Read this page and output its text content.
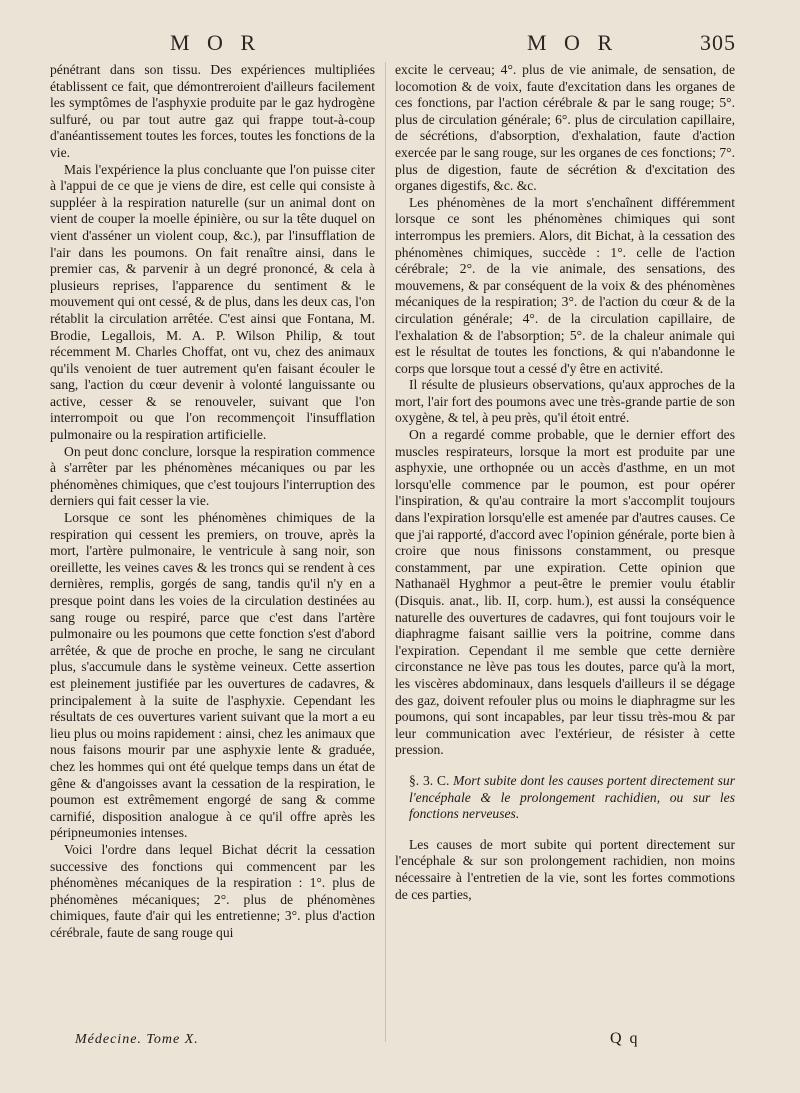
M O R	M O R	305

pénétrant dans son tissu. Des expériences multipliées établissent ce fait, que démontreroient d'ailleurs facilement les symptômes de l'asphyxie produite par le gaz hydrogène sulfuré, ou par tout autre gaz qui frappe tout-à-coup d'anéantissement toutes les forces, toutes les fonctions de la vie.

Mais l'expérience la plus concluante que l'on puisse citer à l'appui de ce que je viens de dire, est celle qui consiste à suppléer à la respiration naturelle (sur un animal dont on vient de couper la moelle épinière, ou sur la tête duquel on vient d'asséner un violent coup, &c.), par l'insufflation de l'air dans les poumons. On fait renaître ainsi, dans le premier cas, & parvenir à un degré prononcé, & cela à plusieurs reprises, l'apparence du sentiment & le mouvement qui ont cessé, & de plus, dans les deux cas, l'on rétablit la circulation arrêtée. C'est ainsi que Fontana, M. Brodie, Legallois, M. A. P. Wilson Philip, & tout récemment M. Charles Choffat, ont vu, chez des animaux qu'ils venoient de tuer autrement qu'en faisant écouler le sang, l'action du cœur devenir à volonté languissante ou active, cesser & se renouveler, suivant que l'on interrompoit ou que l'on recommençoit l'insufflation pulmonaire ou la respiration artificielle.

On peut donc conclure, lorsque la respiration commence à s'arrêter par les phénomènes mécaniques ou par les phénomènes chimiques, que c'est toujours l'interruption des derniers qui fait cesser la vie.

Lorsque ce sont les phénomènes chimiques de la respiration qui cessent les premiers, on trouve, après la mort, l'artère pulmonaire, le ventricule à sang noir, son oreillette, les veines caves & les troncs qui se rendent à ces dernières, remplis, gorgés de sang, tandis qu'il n'y en a presque point dans les voies de la circulation destinées au sang rouge ou respiré, parce que c'est dans l'artère pulmonaire ou les poumons que cette fonction s'est d'abord arrêtée, & que de proche en proche, le sang ne circulant plus, s'accumule dans le système veineux. Cette assertion est pleinement justifiée par les ouvertures de cadavres, & principalement à la suite de l'asphyxie. Cependant les résultats de ces ouvertures varient suivant que la mort a eu lieu plus ou moins rapidement : ainsi, chez les animaux que nous faisons mourir par une asphyxie lente & graduée, chez les hommes qui ont été quelque temps dans un état de gêne & d'angoisses avant la cessation de la respiration, le poumon est extrêmement engorgé de sang & comme carnifié, disposition analogue à ce qu'il offre après les péripneumonies intenses.

Voici l'ordre dans lequel Bichat décrit la cessation successive des fonctions qui commencent par les phénomènes mécaniques de la respiration : 1°. plus de phénomènes mécaniques; 2°. plus de phénomènes chimiques, faute d'air qui les entretienne; 3°. plus d'action cérébrale, faute de sang rouge qui

excite le cerveau; 4°. plus de vie animale, de sensation, de locomotion & de voix, faute d'excitation dans les organes de ces fonctions, par l'action cérébrale & par le sang rouge; 5°. plus de circulation générale; 6°. plus de circulation capillaire, de sécrétions, d'absorption, d'exhalation, faute d'action exercée par le sang rouge, sur les organes de ces fonctions; 7°. plus de digestion, faute de sécrétion & d'excitation des organes digestifs, &c. &c.

Les phénomènes de la mort s'enchaînent différemment lorsque ce sont les phénomènes chimiques qui sont interrompus les premiers. Alors, dit Bichat, à la cessation des phénomènes chimiques, succède : 1°. celle de l'action cérébrale; 2°. de la vie animale, des sensations, des mouvemens, & par conséquent de la voix & des phénomènes mécaniques de la respiration; 3°. de l'action du cœur & de la circulation générale; 4°. de la circulation capillaire, de l'exhalation & de l'absorption; 5°. de la chaleur animale qui est le résultat de toutes les fonctions, & qui n'abandonne le corps que lorsque tout a cessé d'y être en activité.

Il résulte de plusieurs observations, qu'aux approches de la mort, l'air fort des poumons avec une très-grande partie de son oxygène, & tel, à peu près, qu'il étoit entré.

On a regardé comme probable, que le dernier effort des muscles respirateurs, lorsque la mort est produite par une asphyxie, une orthopnée ou un accès d'asthme, en un mot lorsqu'elle commence par le poumon, est pour opérer l'inspiration, & qu'au contraire la mort s'accomplit toujours dans l'expiration lorsqu'elle est amenée par d'autres causes. Ce que j'ai rapporté, d'accord avec l'opinion générale, porte bien à croire que nous finissons constamment, ou presque constamment, par une expiration. Cette opinion que Nathanaël Hyghmor a peut-être le premier voulu établir (Disquis. anat., lib. II, corp. hum.), est aussi la conséquence naturelle des ouvertures de cadavres, qui font toujours voir le diaphragme faisant saillie vers la poitrine, comme dans l'expiration. Cependant il me semble que cette dernière circonstance ne lève pas tous les doutes, parce qu'à la mort, les viscères abdominaux, dans lesquels d'ailleurs il se dégage des gaz, doivent refouler plus ou moins le diaphragme sur les poumons, qui sont incapables, par leur tissu très-mou & par leur communication avec l'extérieur, de résister à cette pression.

§. 3. C. Mort subite dont les causes portent directement sur l'encéphale & le prolongement rachidien, ou sur les fonctions nerveuses.

Les causes de mort subite qui portent directement sur l'encéphale & sur son prolongement rachidien, non moins nécessaire à l'entretien de la vie, sont les fortes commotions de ces parties,

Médecine. Tome X.	Q q
